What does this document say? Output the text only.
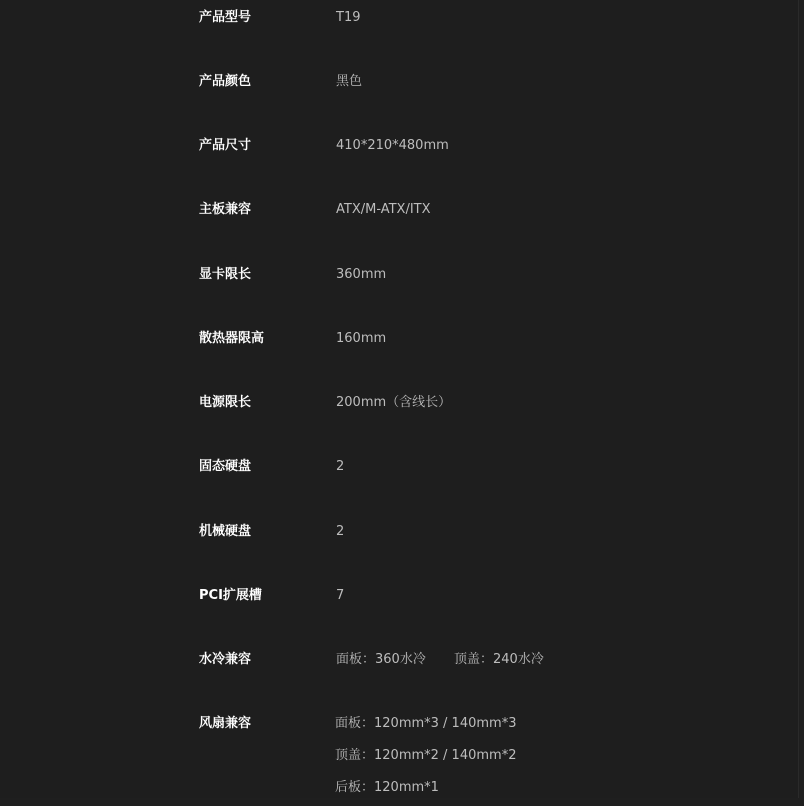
产品型号	T19
产品颜色	黑色
产品尺寸	410*210*480mm
主板兼容	ATX/M-ATX/ITX
显卡限长	360mm
散热器限高	160mm
电源限长	200mm（含线长）
固态硬盘	2
机械硬盘	2
PCI扩展槽	7
水冷兼容	面板：360水冷 顶盖：240水冷
风扇兼容	面板：120mm*3 / 140mm*3
顶盖：120mm*2 / 140mm*2
后板：120mm*1
